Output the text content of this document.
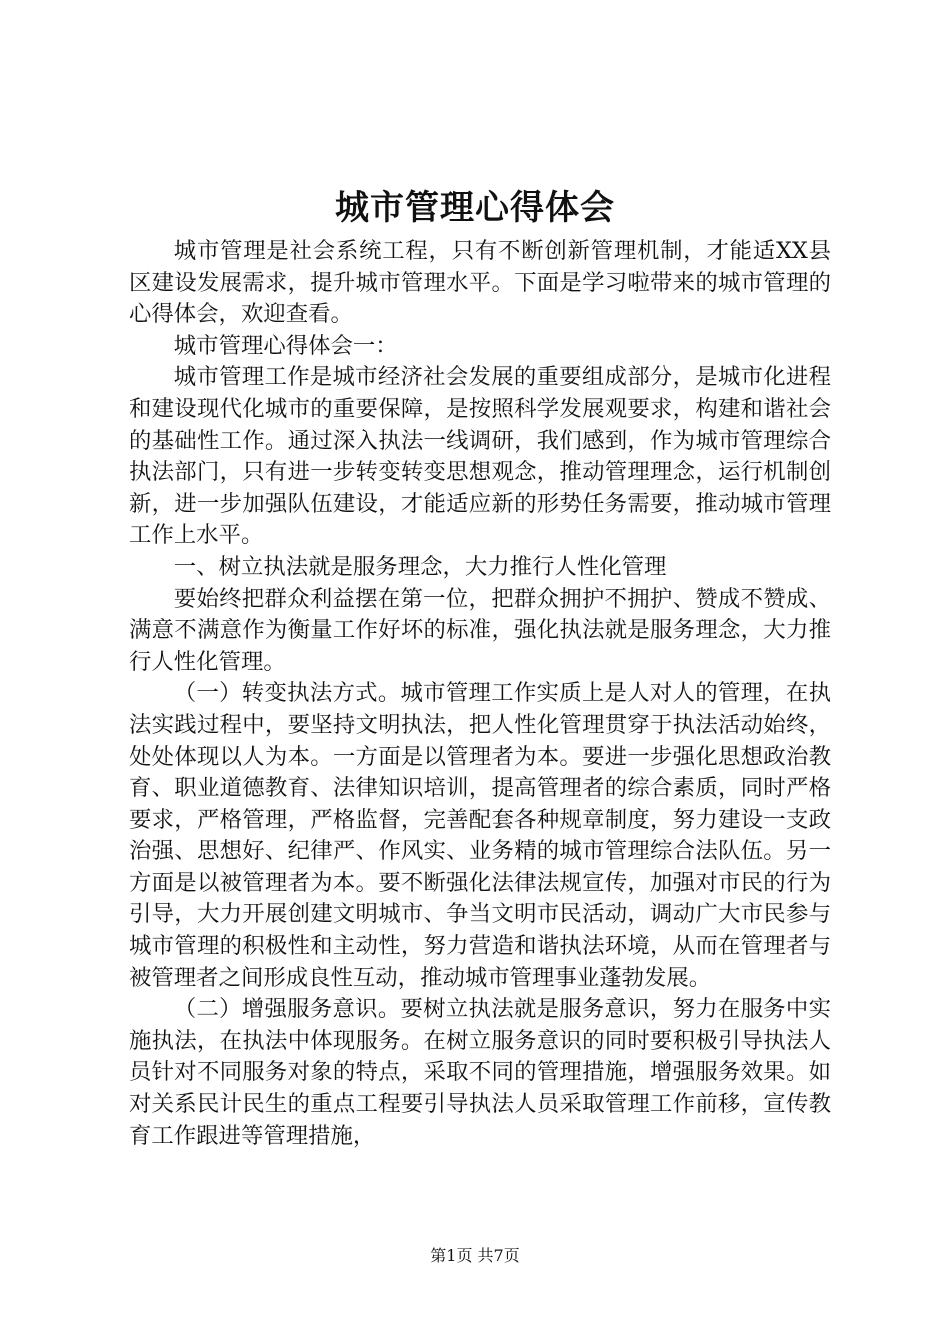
城市管理心得体会

城市管理是社会系统工程，只有不断创新管理机制，才能适XX县区建设发展需求，提升城市管理水平。下面是学习啦带来的城市管理的心得体会，欢迎查看。

城市管理心得体会一：

城市管理工作是城市经济社会发展的重要组成部分，是城市化进程和建设现代化城市的重要保障，是按照科学发展观要求，构建和谐社会的基础性工作。通过深入执法一线调研，我们感到，作为城市管理综合执法部门，只有进一步转变转变思想观念，推动管理理念，运行机制创新，进一步加强队伍建设，才能适应新的形势任务需要，推动城市管理工作上水平。

一、树立执法就是服务理念，大力推行人性化管理

要始终把群众利益摆在第一位，把群众拥护不拥护、赞成不赞成、满意不满意作为衡量工作好坏的标准，强化执法就是服务理念，大力推行人性化管理。

（一）转变执法方式。城市管理工作实质上是人对人的管理，在执法实践过程中，要坚持文明执法，把人性化管理贯穿于执法活动始终，处处体现以人为本。一方面是以管理者为本。要进一步强化思想政治教育、职业道德教育、法律知识培训，提高管理者的综合素质，同时严格要求，严格管理，严格监督，完善配套各种规章制度，努力建设一支政治强、思想好、纪律严、作风实、业务精的城市管理综合法队伍。另一方面是以被管理者为本。要不断强化法律法规宣传，加强对市民的行为引导，大力开展创建文明城市、争当文明市民活动，调动广大市民参与城市管理的积极性和主动性，努力营造和谐执法环境，从而在管理者与被管理者之间形成良性互动，推动城市管理事业蓬勃发展。

（二）增强服务意识。要树立执法就是服务意识，努力在服务中实施执法，在执法中体现服务。在树立服务意识的同时要积极引导执法人员针对不同服务对象的特点，采取不同的管理措施，增强服务效果。如对关系民计民生的重点工程要引导执法人员采取管理工作前移，宣传教育工作跟进等管理措施，

第1页 共7页
